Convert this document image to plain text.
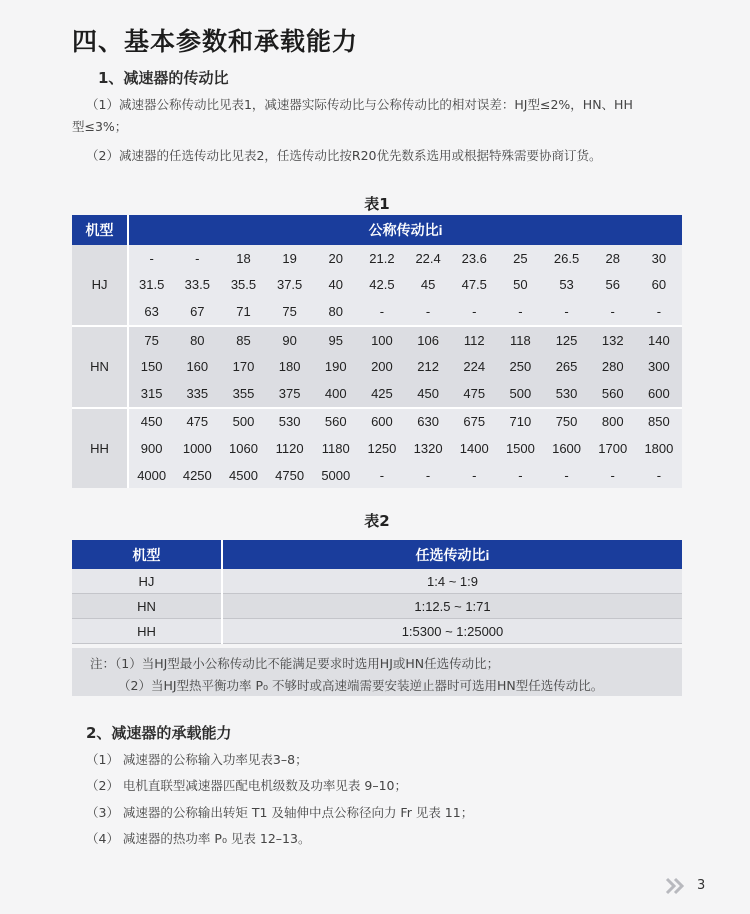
四、基本参数和承载能力
1、减速器的传动比
（1）减速器公称传动比见表1，减速器实际传动比与公称传动比的相对误差：HJ型≤2%，HN、HH
型≤3%；
（2）减速器的任选传动比见表2，任选传动比按R20优先数系选用或根据特殊需要协商订货。
表1
机型	公称传动比i											
HJ	-	-	18	19	20	21.2	22.4	23.6	25	26.5	28	30
	31.5	33.5	35.5	37.5	40	42.5	45	47.5	50	53	56	60
	63	67	71	75	80	-	-	-	-	-	-	-
HN	75	80	85	90	95	100	106	112	118	125	132	140
	150	160	170	180	190	200	212	224	250	265	280	300
	315	335	355	375	400	425	450	475	500	530	560	600
HH	450	475	500	530	560	600	630	675	710	750	800	850
	900	1000	1060	1120	1180	1250	1320	1400	1500	1600	1700	1800
	4000	4250	4500	4750	5000	-	-	-	-	-	-	-
表2
机型	任选传动比i
HJ	1:4 ~ 1:9
HN	1:12.5 ~ 1:71
HH	1:5300 ~ 1:25000
注：（1）当HJ型最小公称传动比不能满足要求时选用HJ或HN任选传动比；
（2）当HJ型热平衡功率 P₀ 不够时或高速端需要安装逆止器时可选用HN型任选传动比。
2、减速器的承载能力
（1） 减速器的公称输入功率见表3–8；
（2） 电机直联型减速器匹配电机级数及功率见表 9–10；
（3） 减速器的公称输出转矩 T1 及轴伸中点公称径向力 Fr 见表 11；
（4） 减速器的热功率 P₀ 见表 12–13。
3
